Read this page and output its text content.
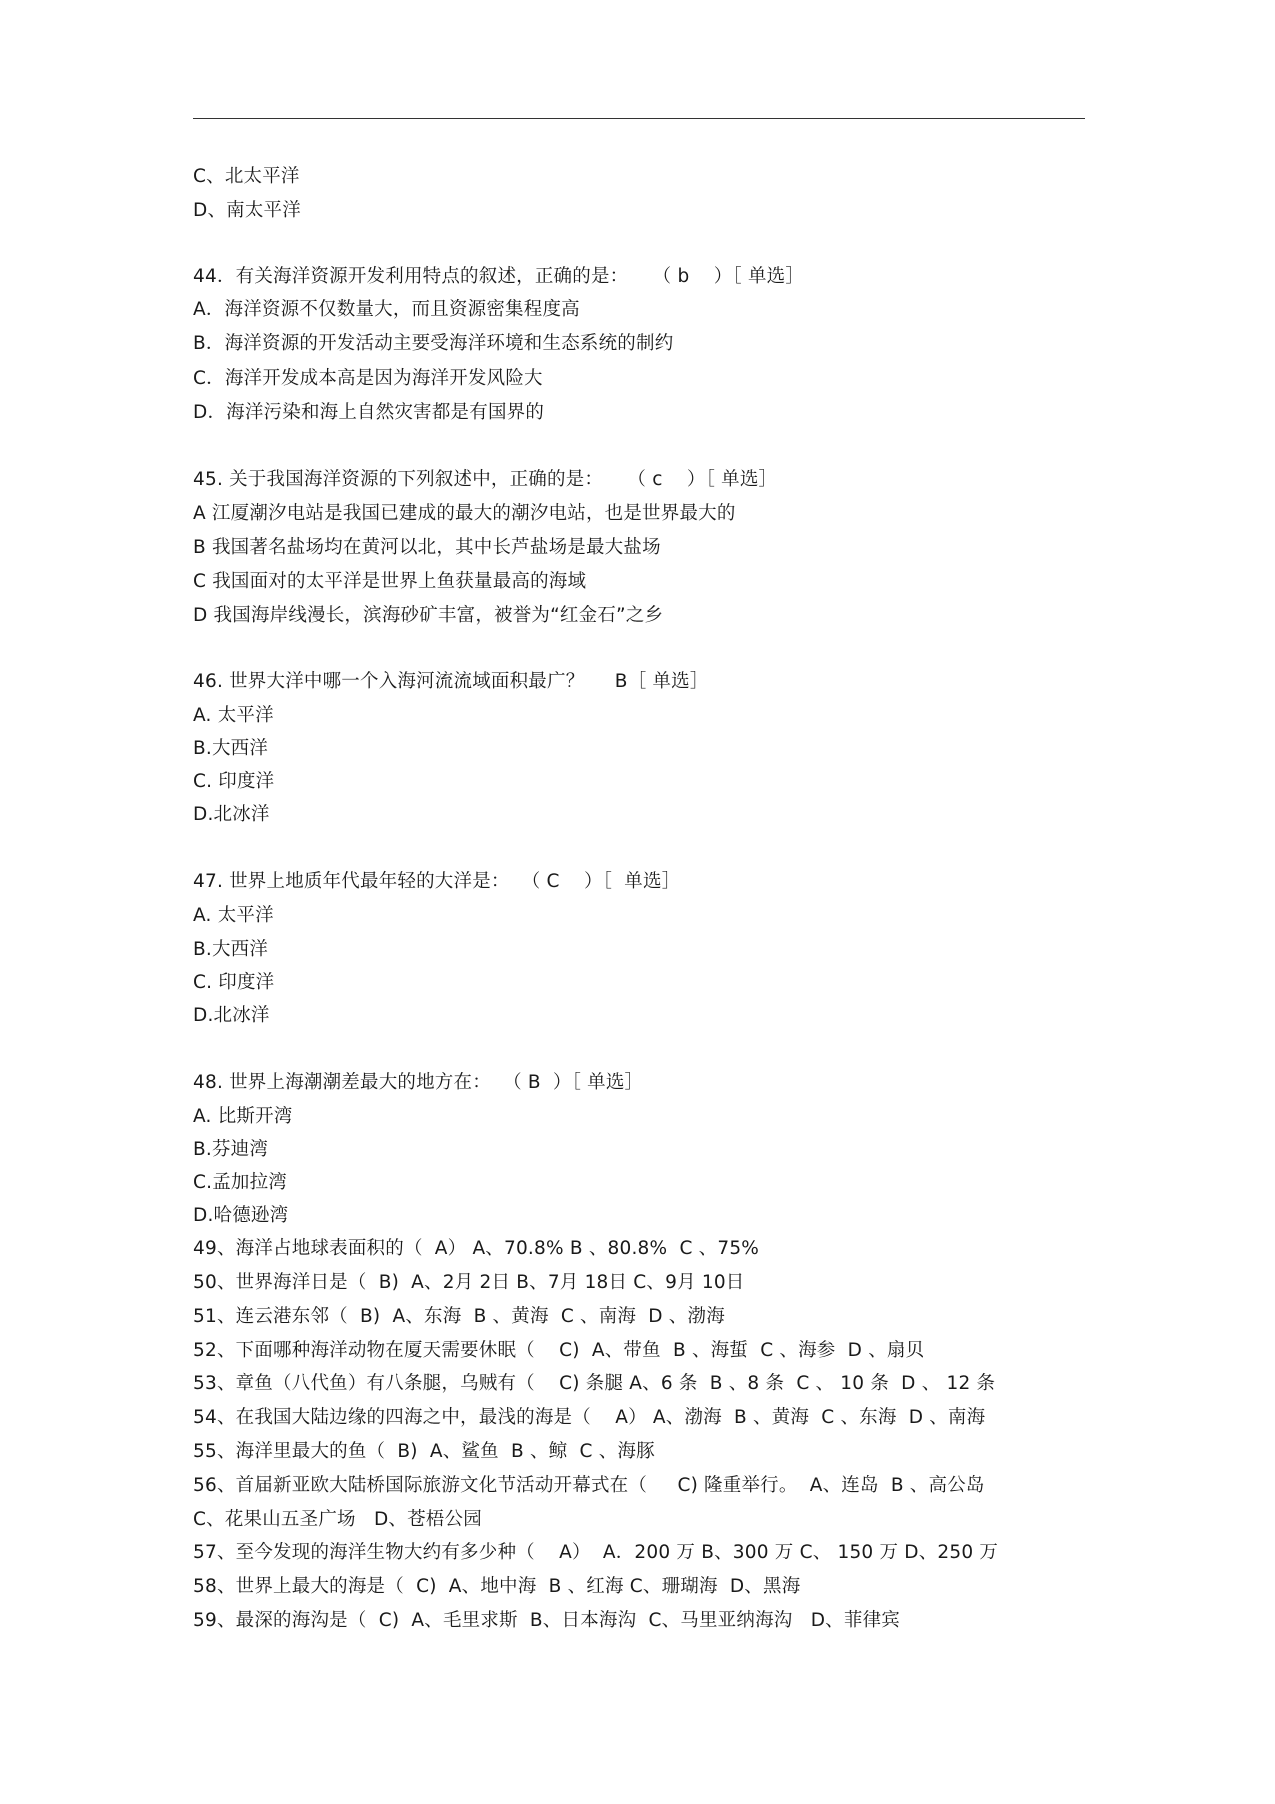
C、北太平洋
D、南太平洋
44．有关海洋资源开发利用特点的叙述，正确的是：    （ b    ）［ 单选］
A．海洋资源不仅数量大，而且资源密集程度高
B．海洋资源的开发活动主要受海洋环境和生态系统的制约
C．海洋开发成本高是因为海洋开发风险大
D．海洋污染和海上自然灾害都是有国界的
45. 关于我国海洋资源的下列叙述中，正确的是：    （ c    ）［ 单选］
A 江厦潮汐电站是我国已建成的最大的潮汐电站，也是世界最大的
B 我国著名盐场均在黄河以北，其中长芦盐场是最大盐场
C 我国面对的太平洋是世界上鱼获量最高的海域
D 我国海岸线漫长，滨海砂矿丰富，被誉为“红金石”之乡
46. 世界大洋中哪一个入海河流流域面积最广？     B［ 单选］
A. 太平洋
B.大西洋
C. 印度洋
D.北冰洋
47. 世界上地质年代最年轻的大洋是：  （ C    ）［  单选］
A. 太平洋
B.大西洋
C. 印度洋
D.北冰洋
48. 世界上海潮潮差最大的地方在：  （ B  ）［ 单选］
A. 比斯开湾
B.芬迪湾
C.孟加拉湾
D.哈德逊湾
49、海洋占地球表面积的（  A） A、70.8% B 、80.8%  C 、75%
50、世界海洋日是（  B)  A、2月 2日 B、7月 18日 C、9月 10日
51、连云港东邻（  B)  A、东海  B 、黄海  C 、南海  D 、渤海
52、下面哪种海洋动物在厦天需要休眠（    C)  A、带鱼  B 、海蜇  C 、海参  D 、扇贝
53、章鱼（八代鱼）有八条腿，乌贼有（    C) 条腿 A、6 条  B 、8 条  C 、 10 条  D 、 12 条
54、在我国大陆边缘的四海之中，最浅的海是（    A） A、渤海  B 、黄海  C 、东海  D 、南海
55、海洋里最大的鱼（  B)  A、鲨鱼  B 、鲸  C 、海豚
56、首届新亚欧大陆桥国际旅游文化节活动开幕式在（     C) 隆重举行。  A、连岛  B 、高公岛
C、花果山五圣广场   D、苍梧公园
57、至今发现的海洋生物大约有多少种（    A）  A．200 万 B、300 万 C、 150 万 D、250 万
58、世界上最大的海是（  C)  A、地中海  B 、红海 C、珊瑚海  D、黑海
59、最深的海沟是（  C)  A、毛里求斯  B、日本海沟  C、马里亚纳海沟   D、菲律宾
